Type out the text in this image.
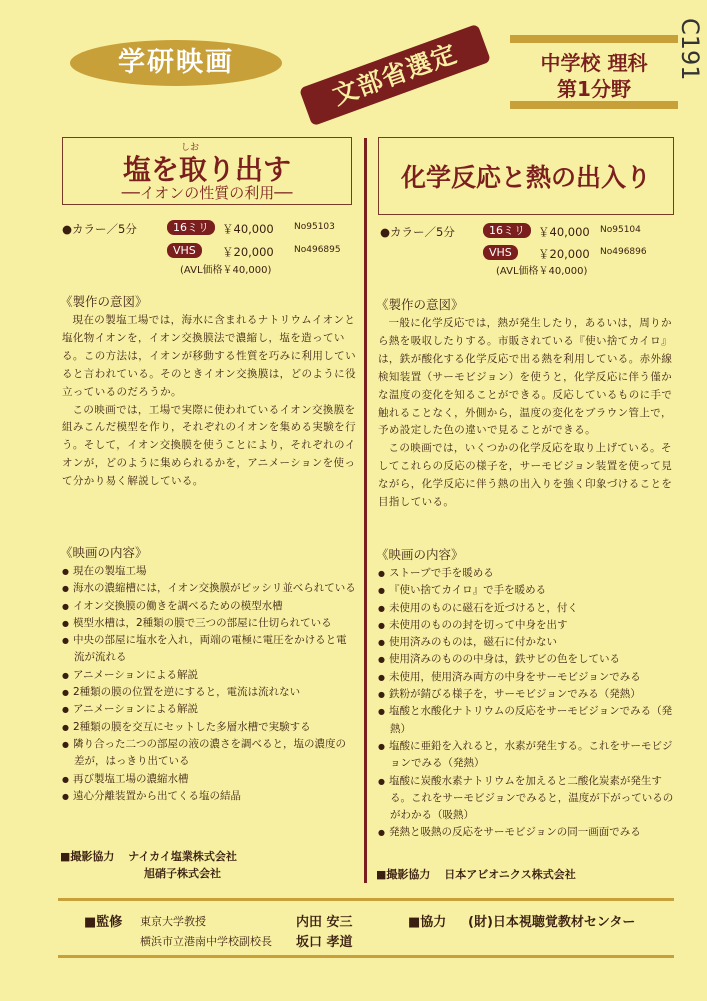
学研映画	文部省選定	中学校 理科
第1分野
C191
しお
塩を取り出す
──イオンの性質の利用──
●カラー／5分	16ミリ	￥40,000 No95103
VHS	￥20,000 No496895
(AVL価格￥40,000)
《製作の意図》

現在の製塩工場では，海水に含まれるナトリウムイオンと塩化物イオンを，イオン交換膜法で濃縮し，塩を造っている。この方法は，イオンが移動する性質を巧みに利用していると言われている。そのときイオン交換膜は，どのように役立っているのだろうか。

この映画では，工場で実際に使われているイオン交換膜を組みこんだ模型を作り，それぞれのイオンを集める実験を行う。そして，イオン交換膜を使うことにより，それぞれのイオンが，どのように集められるかを，アニメーションを使って分かり易く解説している。

《映画の内容》
● 現在の製塩工場
● 海水の濃縮槽には，イオン交換膜がビッシリ並べられている
● イオン交換膜の働きを調べるための模型水槽
● 模型水槽は，2種類の膜で三つの部屋に仕切られている
● 中央の部屋に塩水を入れ，両端の電極に電圧をかけると電流が流れる
● アニメーションによる解説
● 2種類の膜の位置を逆にすると，電流は流れない
● アニメーションによる解説
● 2種類の膜を交互にセットした多層水槽で実験する
● 隣り合った二つの部屋の液の濃さを調べると，塩の濃度の差が，はっきり出ている
● 再び製塩工場の濃縮水槽
● 遠心分離装置から出てくる塩の結晶
■撮影協力 ナイカイ塩業株式会社
旭硝子株式会社
化学反応と熱の出入り
●カラー／5分	16ミリ	￥40,000 No95104
VHS	￥20,000 No496896
(AVL価格￥40,000)
《製作の意図》

一般に化学反応では，熱が発生したり，あるいは，周りから熱を吸収したりする。市販されている『使い捨てカイロ』は，鉄が酸化する化学反応で出る熱を利用している。赤外線検知装置（サーモビジョン）を使うと，化学反応に伴う僅かな温度の変化を知ることができる。反応しているものに手で触れることなく，外側から，温度の変化をブラウン管上で，予め設定した色の違いで見ることができる。

この映画では，いくつかの化学反応を取り上げている。そしてこれらの反応の様子を，サーモビジョン装置を使って見ながら，化学反応に伴う熱の出入りを強く印象づけることを目指している。

《映画の内容》
● ストーブで手を暖める
● 『使い捨てカイロ』で手を暖める
● 未使用のものに磁石を近づけると，付く
● 未使用のものの封を切って中身を出す
● 使用済みのものは，磁石に付かない
● 使用済みのものの中身は，鉄サビの色をしている
● 未使用，使用済み両方の中身をサーモビジョンでみる
● 鉄粉が錆びる様子を，サーモビジョンでみる（発熱）
● 塩酸と水酸化ナトリウムの反応をサーモビジョンでみる（発熱）
● 塩酸に亜鉛を入れると，水素が発生する。これをサーモビジョンでみる（発熱）
● 塩酸に炭酸水素ナトリウムを加えると二酸化炭素が発生する。これをサーモビジョンでみると，温度が下がっているのがわかる（吸熱）
● 発熱と吸熱の反応をサーモビジョンの同一画面でみる
■撮影協力 日本アビオニクス株式会社
■監修 東京大学教授	内田 安三
横浜市立港南中学校副校長 坂口 孝道
■協力 (財)日本視聴覚教材センター
